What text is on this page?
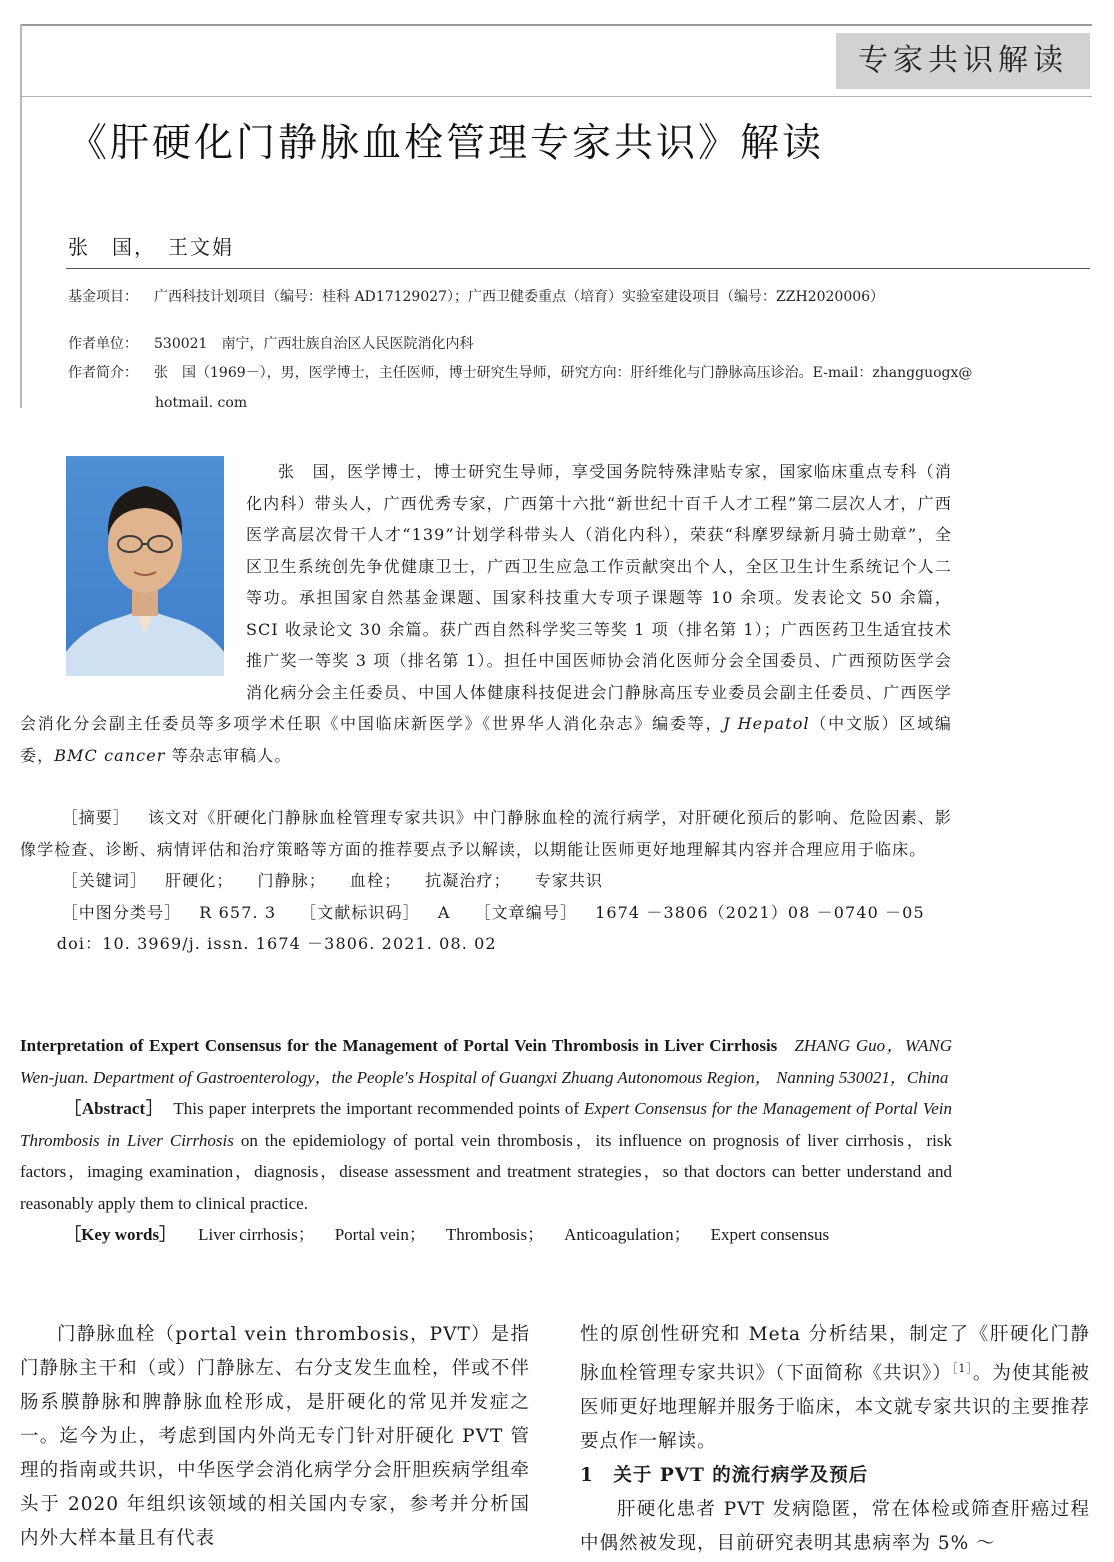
专家共识解读
《肝硬化门静脉血栓管理专家共识》解读
张　国，　王文娟
基金项目： 广西科技计划项目（编号：桂科 AD17129027）；广西卫健委重点（培育）实验室建设项目（编号：ZZH2020006）
作者单位： 530021　南宁，广西壮族自治区人民医院消化内科
作者简介： 张　国（1969－），男，医学博士，主任医师，博士研究生导师，研究方向：肝纤维化与门静脉高压诊治。E-mail：zhangguogx@
hotmail. com

张　国，医学博士，博士研究生导师，享受国务院特殊津贴专家，国家临床重点专科（消化内科）带头人，广西优秀专家，广西第十六批“新世纪十百千人才工程”第二层次人才，广西医学高层次骨干人才“139”计划学科带头人（消化内科），荣获“科摩罗绿新月骑士勋章”，全区卫生系统创先争优健康卫士，广西卫生应急工作贡献突出个人，全区卫生计生系统记个人二等功。承担国家自然基金课题、国家科技重大专项子课题等 10 余项。发表论文 50 余篇，SCI 收录论文 30 余篇。获广西自然科学奖三等奖 1 项（排名第 1）；广西医药卫生适宜技术推广奖一等奖 3 项（排名第 1）。担任中国医师协会消化医师分会全国委员、广西预防医学会消化病分会主任委员、中国人体健康科技促进会门静脉高压专业委员会副主任委员、广西医学会消化分会副主任委员等多项学术任职《中国临床新医学》《世界华人消化杂志》编委等，J Hepatol（中文版）区域编委，BMC cancer 等杂志审稿人。

［摘要］ 该文对《肝硬化门静脉血栓管理专家共识》中门静脉血栓的流行病学，对肝硬化预后的影响、危险因素、影像学检查、诊断、病情评估和治疗策略等方面的推荐要点予以解读，以期能让医师更好地理解其内容并合理应用于临床。
［关键词］ 肝硬化； 门静脉； 血栓； 抗凝治疗； 专家共识
［中图分类号］ R 657. 3 ［文献标识码］ A ［文章编号］ 1674 －3806（2021）08 －0740 －05
doi：10. 3969/j. issn. 1674 －3806. 2021. 08. 02

Interpretation of Expert Consensus for the Management of Portal Vein Thrombosis in Liver Cirrhosis ZHANG Guo，WANG Wen-juan. Department of Gastroenterology，the People′s Hospital of Guangxi Zhuang Autonomous Region， Nanning 530021，China

［Abstract］ This paper interprets the important recommended points of Expert Consensus for the Management of Portal Vein Thrombosis in Liver Cirrhosis on the epidemiology of portal vein thrombosis，its influence on prognosis of liver cirrhosis，risk factors，imaging examination，diagnosis，disease assessment and treatment strategies，so that doctors can better understand and reasonably apply them to clinical practice.

［Key words］ Liver cirrhosis； Portal vein； Thrombosis； Anticoagulation； Expert consensus

门静脉血栓（portal vein thrombosis，PVT）是指门静脉主干和（或）门静脉左、右分支发生血栓，伴或不伴肠系膜静脉和脾静脉血栓形成，是肝硬化的常见并发症之一。迄今为止，考虑到国内外尚无专门针对肝硬化 PVT 管理的指南或共识，中华医学会消化病学分会肝胆疾病学组牵头于 2020 年组织该领域的相关国内专家，参考并分析国内外大样本量且有代表

性的原创性研究和 Meta 分析结果，制定了《肝硬化门静脉血栓管理专家共识》（下面简称《共识》）$^{[1]}$。为使其能被医师更好地理解并服务于临床，本文就专家共识的主要推荐要点作一解读。

1　关于 PVT 的流行病学及预后

肝硬化患者 PVT 发病隐匿，常在体检或筛查肝癌过程中偶然被发现，目前研究表明其患病率为 5% ～
